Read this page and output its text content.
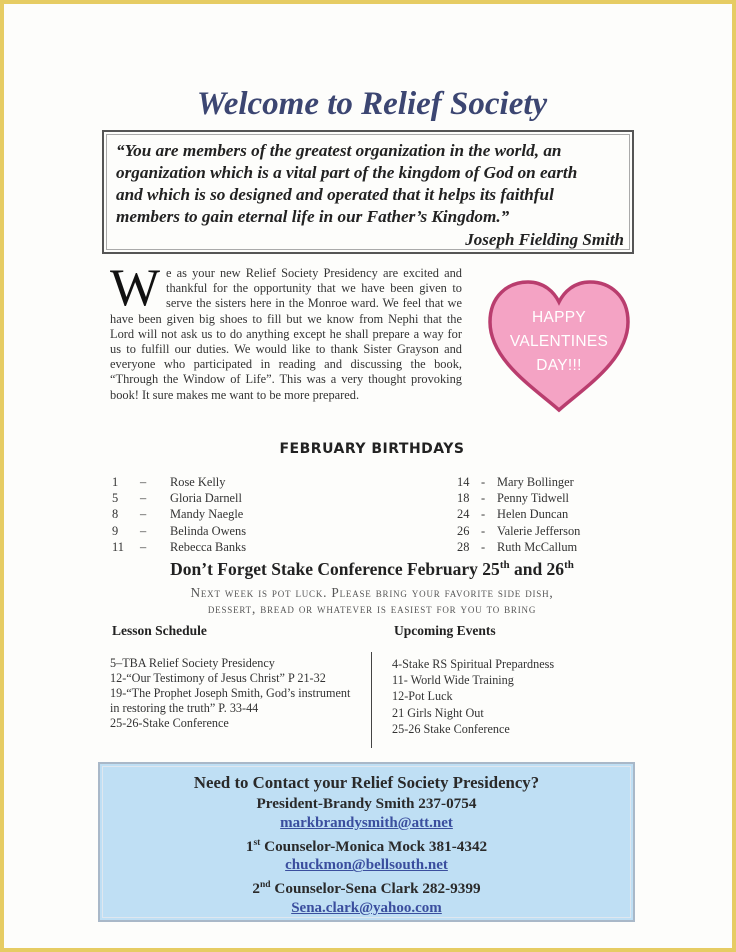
Welcome to Relief Society
“You are members of the greatest organization in the world, an
organization which is a vital part of the kingdom of God on earth
and which is so designed and operated that it helps its faithful
members to gain eternal life in our Father’s Kingdom.”
Joseph Fielding Smith
We as your new Relief Society Presidency are excited and thankful for the opportunity that we have been given to serve the sisters here in the Monroe ward. We feel that we have been given big shoes to fill but we know from Nephi that the Lord will not ask us to do anything except he shall prepare a way for us to fulfill our duties. We would like to thank Sister Grayson and everyone who participated in reading and discussing the book, “Through the Window of Life”. This was a very thought provoking book! It sure makes me want to be more prepared.
HAPPY
VALENTINES
DAY!!!
FEBRUARY BIRTHDAYS
1	–	Rose Kelly
5	–	Gloria Darnell
8	–	Mandy Naegle
9	–	Belinda Owens
11	–	Rebecca Banks
14 - Mary Bollinger
18 - Penny Tidwell
24 - Helen Duncan
26 - Valerie Jefferson
28 - Ruth McCallum
Don’t Forget Stake Conference February 25th and 26th
Next week is pot luck. Please bring your favorite side dish,
dessert, bread or whatever is easiest for you to bring
Lesson Schedule	Upcoming Events
5–TBA Relief Society Presidency
12-“Our Testimony of Jesus Christ” P 21-32
19-“The Prophet Joseph Smith, God’s instrument in restoring the truth” P. 33-44
25-26-Stake Conference
4-Stake RS Spiritual Prepardness
11- World Wide Training
12-Pot Luck
21 Girls Night Out
25-26 Stake Conference
Need to Contact your Relief Society Presidency?
President-Brandy Smith 237-0754
markbrandysmith@att.net
1st Counselor-Monica Mock 381-4342
chuckmon@bellsouth.net
2nd Counselor-Sena Clark 282-9399
Sena.clark@yahoo.com
